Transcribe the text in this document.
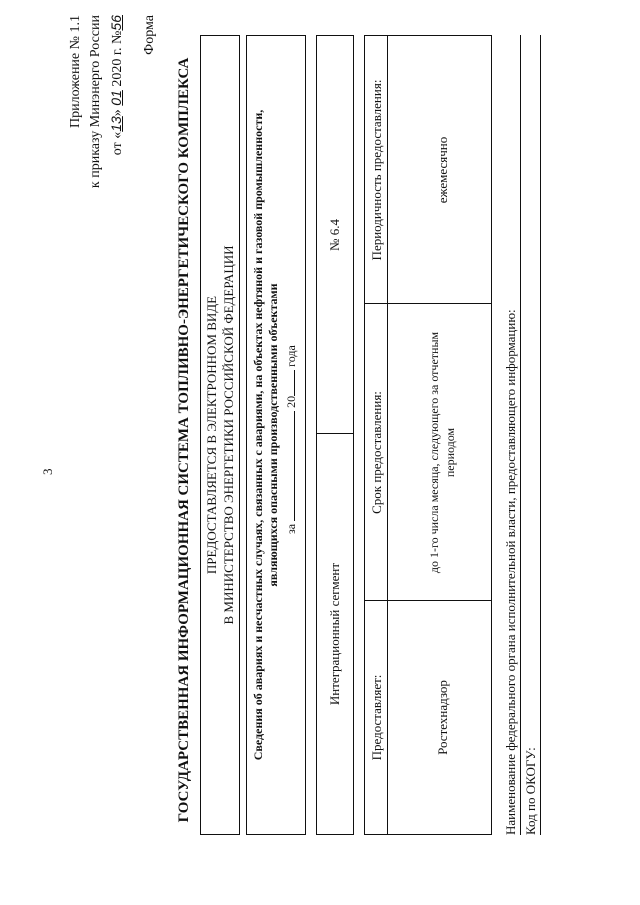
3
Приложение № 1.1 к приказу Минэнерго России от «13» 01 2020 г. №56 Форма
ГОСУДАРСТВЕННАЯ ИНФОРМАЦИОННАЯ СИСТЕМА ТОПЛИВНО-ЭНЕРГЕТИЧЕСКОГО КОМПЛЕКСА ПРЕДОСТАВЛЯЕТСЯ В ЭЛЕКТРОННОМ ВИДЕ В МИНИСТЕРСТВО ЭНЕРГЕТИКИ РОССИЙСКОЙ ФЕДЕРАЦИИ Сведения об авариях и несчастных случаях, связанных с авариями, на объектах нефтяной и газовой промышленности, являющихся опасными производственными объектами за  20 года
Интеграционный сегмент
№ 6.4
Предоставляет:
Срок предоставления:
Периодичность предоставления:
Ростехнадзор
до 1-го числа месяца, следующего за отчетным периодом
ежемесячно
Наименование федерального органа исполнительной власти, предоставляющего информацию: Код по ОКОГУ:
